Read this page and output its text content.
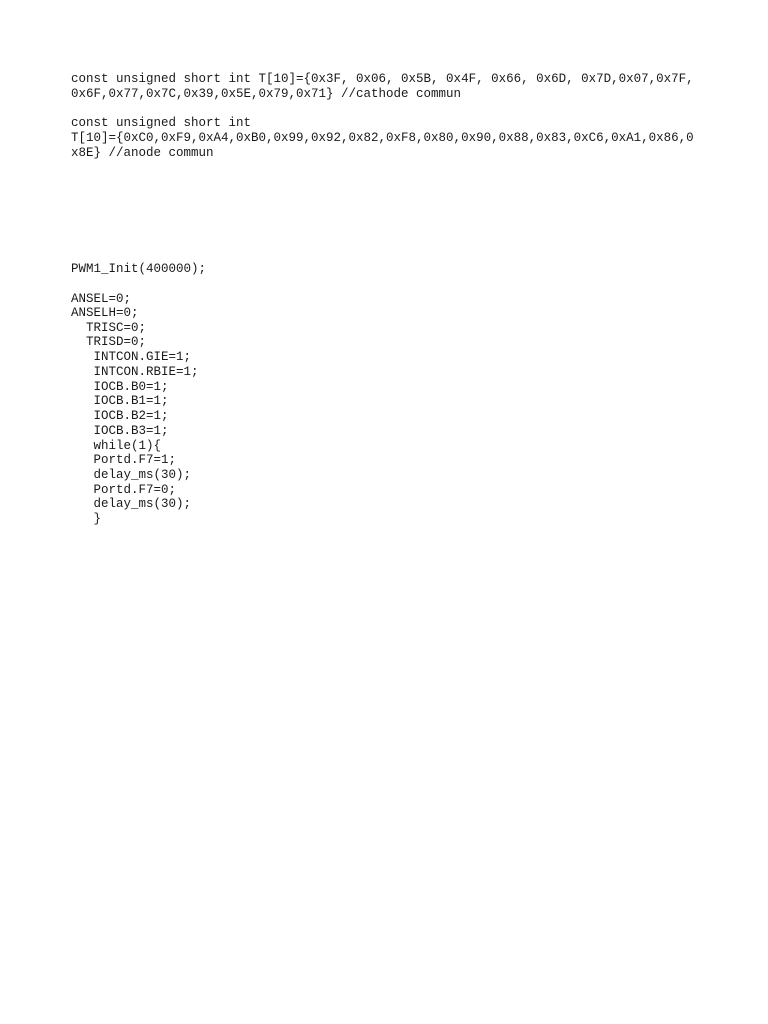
const unsigned short int T[10]={0x3F, 0x06, 0x5B, 0x4F, 0x66, 0x6D, 0x7D,0x07,0x7F,

0x6F,0x77,0x7C,0x39,0x5E,0x79,0x71} //cathode commun

const unsigned short int

T[10]={0xC0,0xF9,0xA4,0xB0,0x99,0x92,0x82,0xF8,0x80,0x90,0x88,0x83,0xC6,0xA1,0x86,0

x8E} //anode commun

PWM1_Init(400000);

ANSEL=0;

ANSELH=0;

TRISC=0;

TRISD=0;

INTCON.GIE=1;

INTCON.RBIE=1;

IOCB.B0=1;

IOCB.B1=1;

IOCB.B2=1;

IOCB.B3=1;

while(1){

Portd.F7=1;

delay_ms(30);

Portd.F7=0;

delay_ms(30);

}
